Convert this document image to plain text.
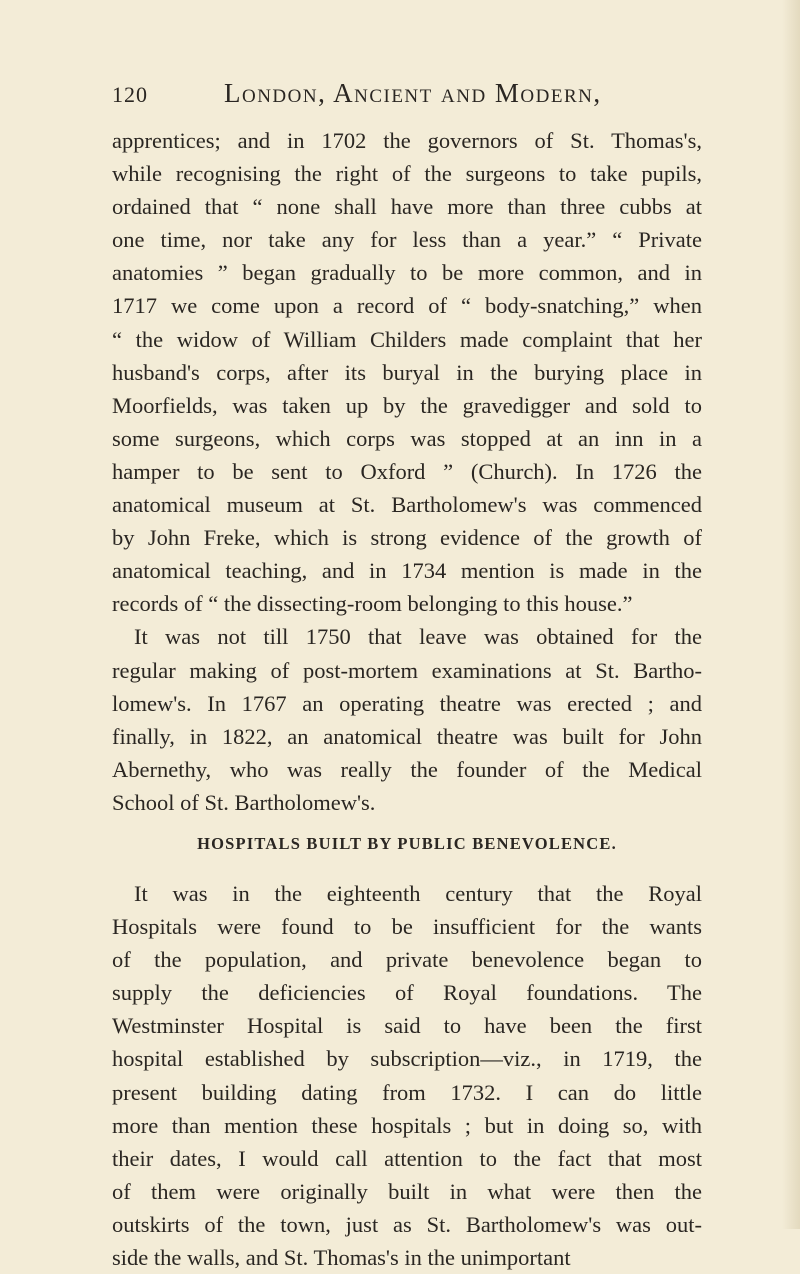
120	London, Ancient and Modern,

apprentices; and in 1702 the governors of St. Thomas's,
while recognising the right of the surgeons to take pupils,
ordained that “ none shall have more than three cubbs at
one time, nor take any for less than a year.” “ Private
anatomies ” began gradually to be more common, and in
1717 we come upon a record of “ body-snatching,” when
“ the widow of William Childers made complaint that her
husband's corps, after its buryal in the burying place in
Moorfields, was taken up by the gravedigger and sold to
some surgeons, which corps was stopped at an inn in a
hamper to be sent to Oxford ” (Church). In 1726 the
anatomical museum at St. Bartholomew's was commenced
by John Freke, which is strong evidence of the growth of
anatomical teaching, and in 1734 mention is made in the
records of “ the dissecting-room belonging to this house.”

It was not till 1750 that leave was obtained for the
regular making of post-mortem examinations at St. Bartho-
lomew's. In 1767 an operating theatre was erected ; and
finally, in 1822, an anatomical theatre was built for John
Abernethy, who was really the founder of the Medical
School of St. Bartholomew's.

HOSPITALS BUILT BY PUBLIC BENEVOLENCE.

It was in the eighteenth century that the Royal
Hospitals were found to be insufficient for the wants
of the population, and private benevolence began to
supply the deficiencies of Royal foundations. The
Westminster Hospital is said to have been the first
hospital established by subscription—viz., in 1719, the
present building dating from 1732. I can do little
more than mention these hospitals ; but in doing so, with
their dates, I would call attention to the fact that most
of them were originally built in what were then the
outskirts of the town, just as St. Bartholomew's was out-
side the walls, and St. Thomas's in the unimportant
